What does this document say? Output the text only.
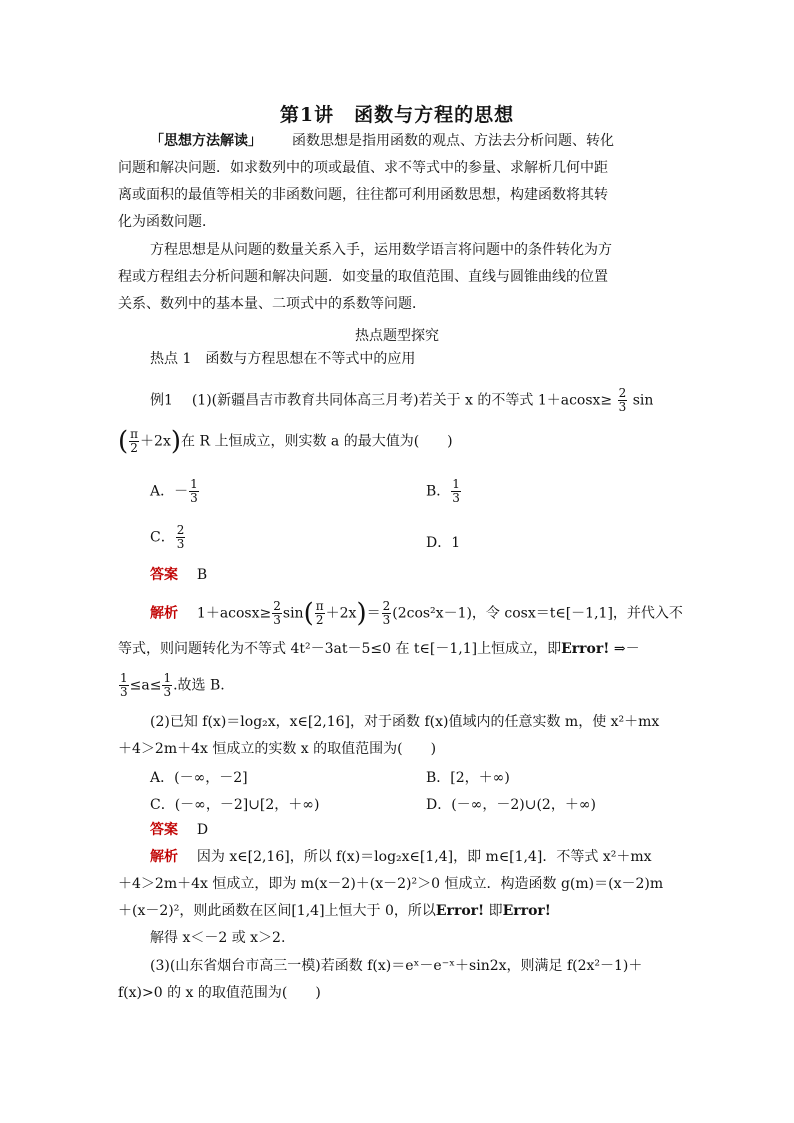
第1讲　函数与方程的思想
「思想方法解读」 函数思想是指用函数的观点、方法去分析问题、转化
问题和解决问题．如求数列中的项或最值、求不等式中的参量、求解析几何中距
离或面积的最值等相关的非函数问题，往往都可利用函数思想，构建函数将其转
化为函数问题．
方程思想是从问题的数量关系入手，运用数学语言将问题中的条件转化为方
程或方程组去分析问题和解决问题．如变量的取值范围、直线与圆锥曲线的位置
关系、数列中的基本量、二项式中的系数等问题．
热点题型探究
热点 1　函数与方程思想在不等式中的应用
例1 (1)(新疆昌吉市教育共同体高三月考)若关于 x 的不等式 $1+acosx\ge \frac{2}{3}$ sin
( $\frac{\pi}{2} +2x$)在 R 上恒成立，则实数 a 的最大值为(　　)
A．－ $\frac{1}{3}$	B． $\frac{1}{3}$
C． $\frac{2}{3}$	D．1
答案 B
解析 $1+acosx\ge \frac{2}{3} \sin( \frac{\pi}{2} +2x)= \frac{2}{3} (2\cos^2x-1)$，令 cosx＝t∈[－1,1]，并代入不
等式，则问题转化为不等式 4t²－3at－5≤0 在 t∈[－1,1]上恒成立，即Error! ⇒－
$\frac{1}{3} \le a\le \frac{1}{3}$ .故选 B.
(2)已知 f(x)＝log₂x，x∈[2,16]，对于函数 f(x)值域内的任意实数 m，使 x²＋mx
＋4＞2m＋4x 恒成立的实数 x 的取值范围为(　　)
A．(－∞，－2]	B．[2，＋∞)
C．(－∞，－2]∪[2，＋∞)	D．(－∞，－2)∪(2，＋∞)
答案 D
解析 因为 x∈[2,16]，所以 f(x)＝log₂x∈[1,4]，即 m∈[1,4]．不等式 x²＋mx
＋4＞2m＋4x 恒成立，即为 m(x－2)＋(x－2)²＞0 恒成立．构造函数 g(m)＝(x－2)m
＋(x－2)²，则此函数在区间[1,4]上恒大于 0，所以Error! 即Error!
解得 x＜－2 或 x＞2.
(3)(山东省烟台市高三一模)若函数 f(x)＝eˣ－e⁻ˣ＋sin2x，则满足 f(2x²－1)＋
f(x)>0 的 x 的取值范围为(　　)
